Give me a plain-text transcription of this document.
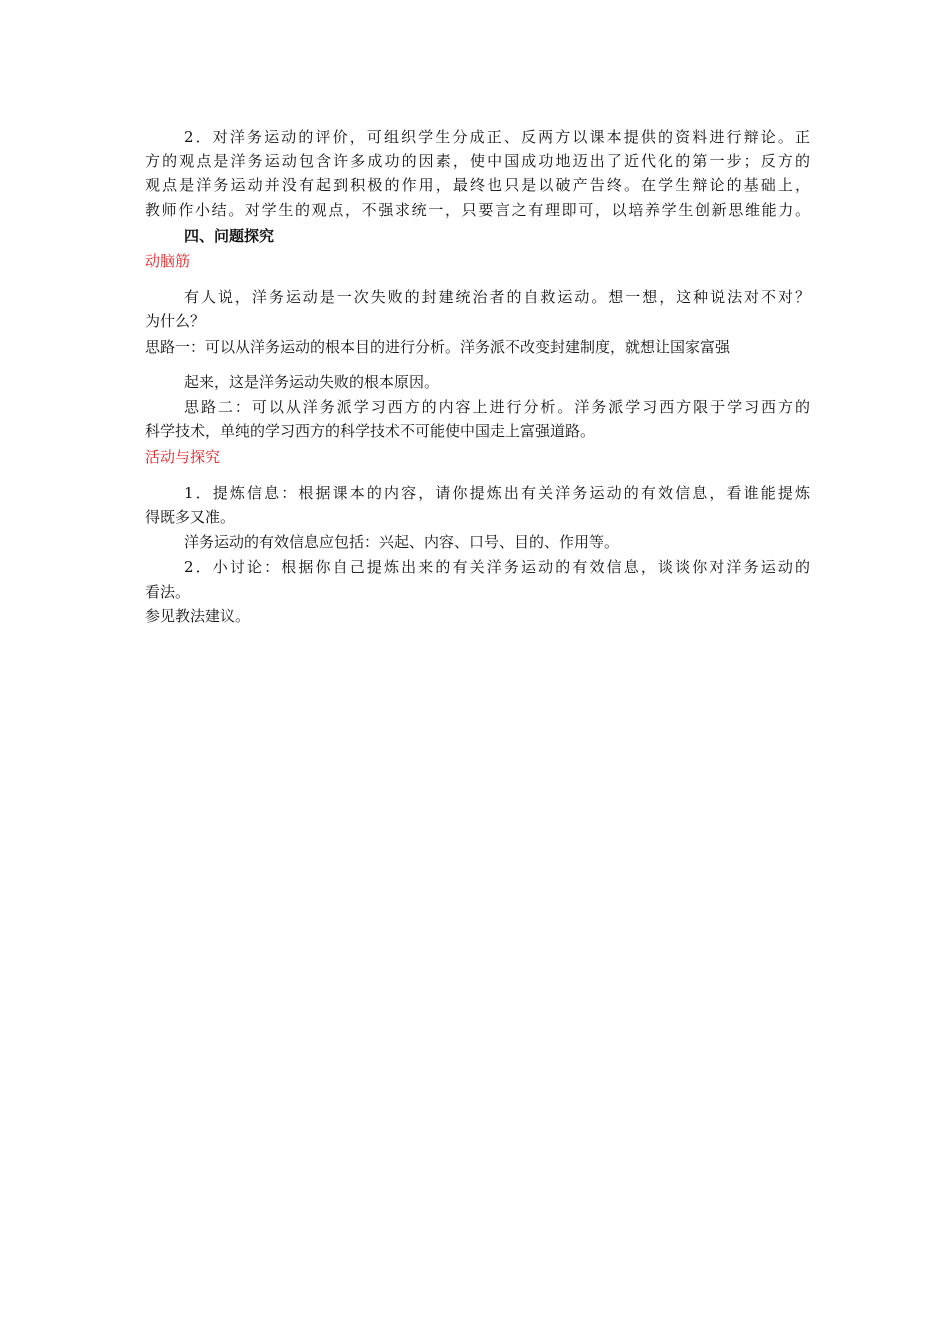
2．对洋务运动的评价，可组织学生分成正、反两方以课本提供的资料进行辩论。正
方的观点是洋务运动包含许多成功的因素，使中国成功地迈出了近代化的第一步；反方的
观点是洋务运动并没有起到积极的作用，最终也只是以破产告终。在学生辩论的基础上，
教师作小结。对学生的观点，不强求统一，只要言之有理即可，以培养学生创新思维能力。
四、问题探究
动脑筋
有人说，洋务运动是一次失败的封建统治者的自救运动。想一想，这种说法对不对？
为什么？
思路一：可以从洋务运动的根本目的进行分析。洋务派不改变封建制度，就想让国家富强
起来，这是洋务运动失败的根本原因。
思路二：可以从洋务派学习西方的内容上进行分析。洋务派学习西方限于学习西方的
科学技术，单纯的学习西方的科学技术不可能使中国走上富强道路。
活动与探究
1．提炼信息：根据课本的内容，请你提炼出有关洋务运动的有效信息，看谁能提炼
得既多又准。
洋务运动的有效信息应包括：兴起、内容、口号、目的、作用等。
2．小讨论：根据你自己提炼出来的有关洋务运动的有效信息，谈谈你对洋务运动的
看法。
参见教法建议。
